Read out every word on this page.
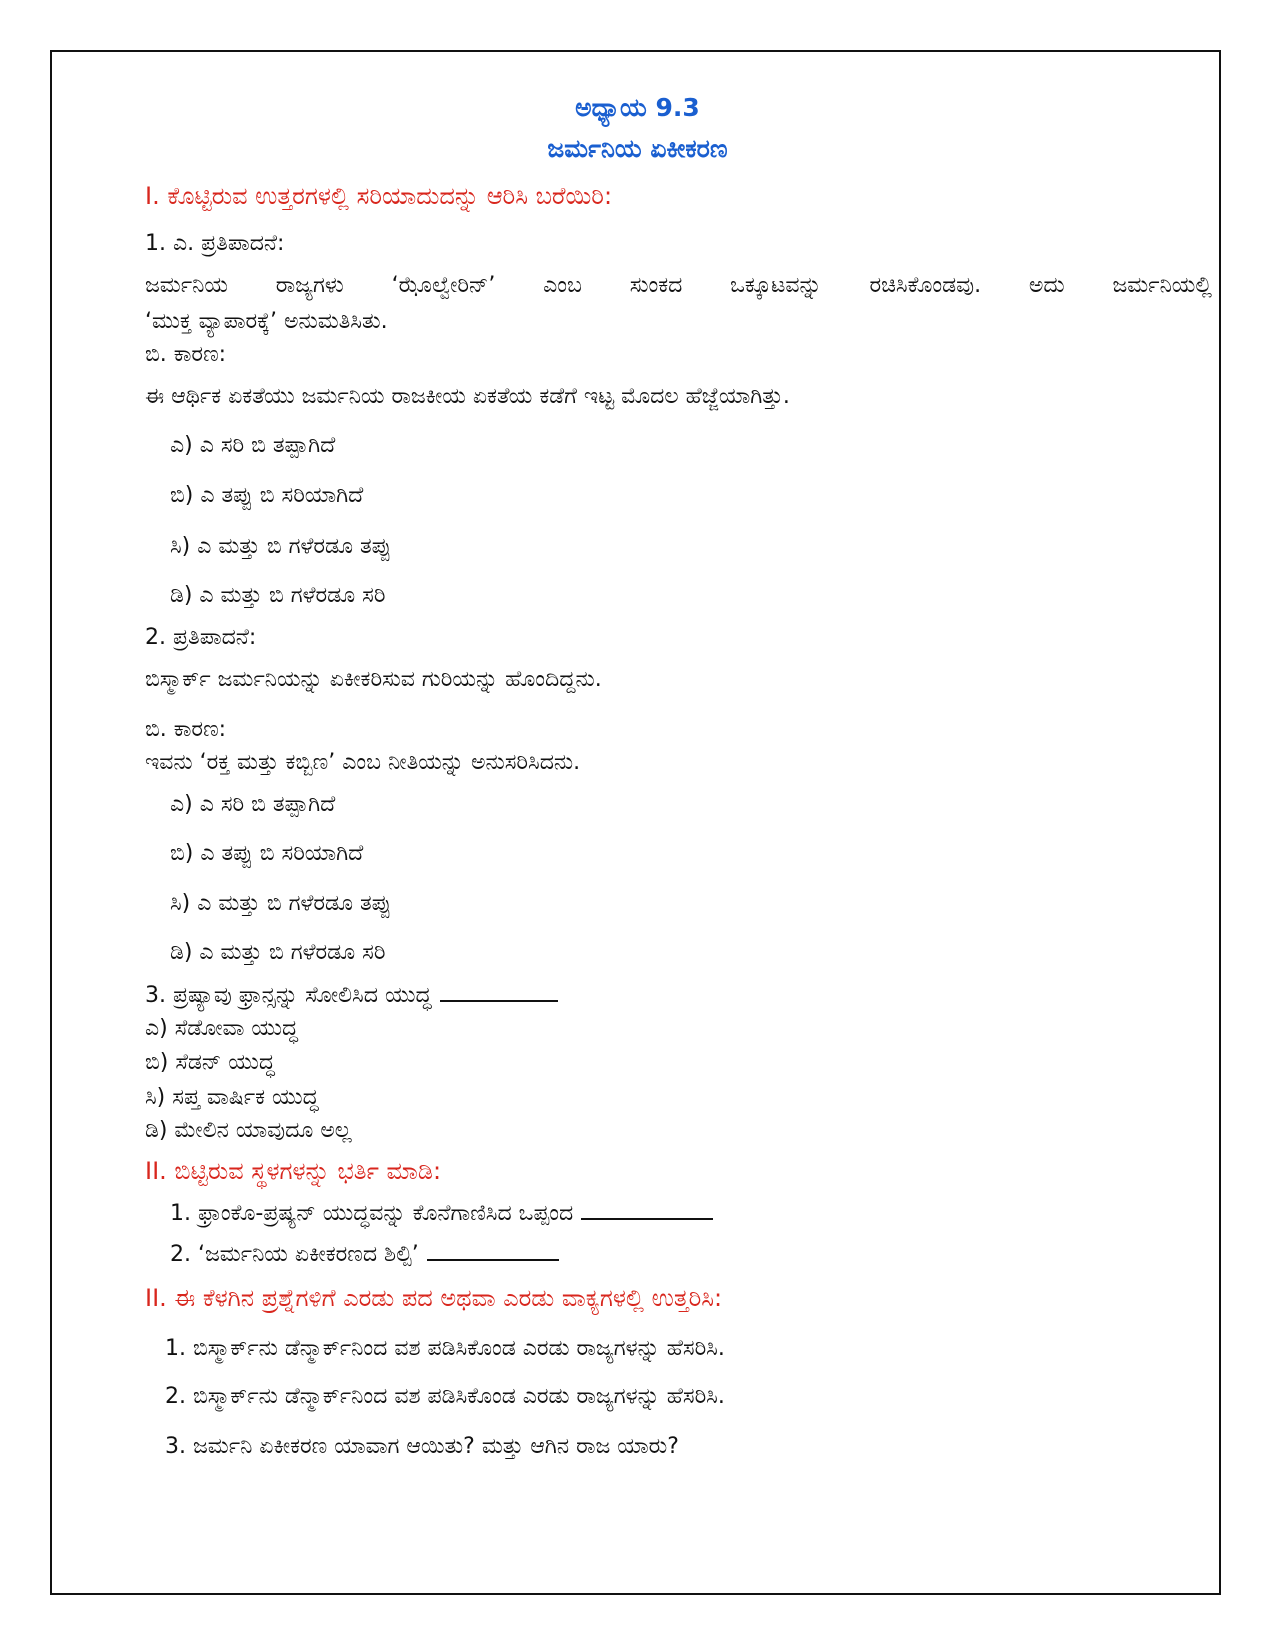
ಅಧ್ಯಾಯ 9.3
ಜರ್ಮನಿಯ ಏಕೀಕರಣ
I. ಕೊಟ್ಟಿರುವ ಉತ್ತರಗಳಲ್ಲಿ ಸರಿಯಾದುದನ್ನು ಆರಿಸಿ ಬರೆಯಿರಿ:
1. ಎ. ಪ್ರತಿಪಾದನೆ:
ಜರ್ಮನಿಯ ರಾಜ್ಯಗಳು ‘ಝೊಲ್ವೇರಿನ್’ ಎಂಬ ಸುಂಕದ ಒಕ್ಕೂಟವನ್ನು ರಚಿಸಿಕೊಂಡವು. ಅದು ಜರ್ಮನಿಯಲ್ಲಿ
‘ಮುಕ್ತ ವ್ಯಾಪಾರಕ್ಕೆ’ ಅನುಮತಿಸಿತು.
ಬಿ. ಕಾರಣ:
ಈ ಆರ್ಥಿಕ ಏಕತೆಯು ಜರ್ಮನಿಯ ರಾಜಕೀಯ ಏಕತೆಯ ಕಡೆಗೆ ಇಟ್ಟ ಮೊದಲ ಹೆಜ್ಜೆಯಾಗಿತ್ತು.
ಎ) ಎ ಸರಿ ಬಿ ತಪ್ಪಾಗಿದೆ
ಬಿ) ಎ ತಪ್ಪು ಬಿ ಸರಿಯಾಗಿದೆ
ಸಿ) ಎ ಮತ್ತು ಬಿ ಗಳೆರಡೂ ತಪ್ಪು
ಡಿ) ಎ ಮತ್ತು ಬಿ ಗಳೆರಡೂ ಸರಿ
2. ಪ್ರತಿಪಾದನೆ:
ಬಿಸ್ಮಾರ್ಕ್ ಜರ್ಮನಿಯನ್ನು ಏಕೀಕರಿಸುವ ಗುರಿಯನ್ನು ಹೊಂದಿದ್ದನು.
ಬಿ. ಕಾರಣ:
ಇವನು ‘ರಕ್ತ ಮತ್ತು ಕಬ್ಬಿಣ’ ಎಂಬ ನೀತಿಯನ್ನು ಅನುಸರಿಸಿದನು.
ಎ) ಎ ಸರಿ ಬಿ ತಪ್ಪಾಗಿದೆ
ಬಿ) ಎ ತಪ್ಪು ಬಿ ಸರಿಯಾಗಿದೆ
ಸಿ) ಎ ಮತ್ತು ಬಿ ಗಳೆರಡೂ ತಪ್ಪು
ಡಿ) ಎ ಮತ್ತು ಬಿ ಗಳೆರಡೂ ಸರಿ
3. ಪ್ರಷ್ಯಾವು ಫ್ರಾನ್ಸನ್ನು ಸೋಲಿಸಿದ ಯುದ್ಧ
ಎ) ಸೆಡೋವಾ ಯುದ್ಧ
ಬಿ) ಸೆಡನ್ ಯುದ್ಧ
ಸಿ) ಸಪ್ತ ವಾರ್ಷಿಕ ಯುದ್ಧ
ಡಿ) ಮೇಲಿನ ಯಾವುದೂ ಅಲ್ಲ
II. ಬಿಟ್ಟಿರುವ ಸ್ಥಳಗಳನ್ನು ಭರ್ತಿ ಮಾಡಿ:
1. ಫ್ರಾಂಕೊ-ಪ್ರಷ್ಯನ್ ಯುದ್ಧವನ್ನು ಕೊನೆಗಾಣಿಸಿದ ಒಪ್ಪಂದ
2. ‘ಜರ್ಮನಿಯ ಏಕೀಕರಣದ ಶಿಲ್ಪಿ’
II. ಈ ಕೆಳಗಿನ ಪ್ರಶ್ನೆಗಳಿಗೆ ಎರಡು ಪದ ಅಥವಾ ಎರಡು ವಾಕ್ಯಗಳಲ್ಲಿ ಉತ್ತರಿಸಿ:
1. ಬಿಸ್ಮಾರ್ಕ್‌ನು ಡೆನ್ಮಾರ್ಕ್‌ನಿಂದ ವಶ ಪಡಿಸಿಕೊಂಡ ಎರಡು ರಾಜ್ಯಗಳನ್ನು ಹೆಸರಿಸಿ.
2. ಬಿಸ್ಮಾರ್ಕ್‌ನು ಡೆನ್ಮಾರ್ಕ್‌ನಿಂದ ವಶ ಪಡಿಸಿಕೊಂಡ ಎರಡು ರಾಜ್ಯಗಳನ್ನು ಹೆಸರಿಸಿ.
3. ಜರ್ಮನಿ ಏಕೀಕರಣ ಯಾವಾಗ ಆಯಿತು? ಮತ್ತು ಆಗಿನ ರಾಜ ಯಾರು?
